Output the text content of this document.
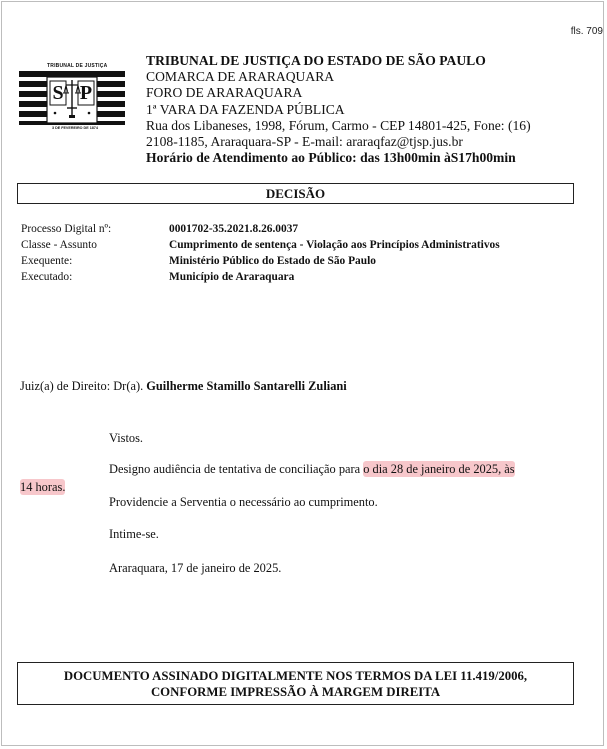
fls. 709
TRIBUNAL DE JUSTIÇA
S P
3 DE FEVEREIRO DE 1874
TRIBUNAL DE JUSTIÇA DO ESTADO DE SÃO PAULO
COMARCA DE ARARAQUARA
FORO DE ARARAQUARA
1ª VARA DA FAZENDA PÚBLICA
Rua dos Libaneses, 1998, Fórum, Carmo - CEP 14801-425, Fone: (16)
2108-1185, Araraquara-SP - E-mail: araraqfaz@tjsp.jus.br
Horário de Atendimento ao Público: das 13h00min àS17h00min
DECISÃO
Processo Digital nº:	0001702-35.2021.8.26.0037
Classe - Assunto	Cumprimento de sentença - Violação aos Princípios Administrativos
Exequente:	Ministério Público do Estado de São Paulo
Executado:	Município de Araraquara
Juiz(a) de Direito: Dr(a). Guilherme Stamillo Santarelli Zuliani
Vistos.
Designo audiência de tentativa de conciliação para o dia 28 de janeiro de 2025, às
14 horas.
Providencie a Serventia o necessário ao cumprimento.
Intime-se.
Araraquara, 17 de janeiro de 2025.
DOCUMENTO ASSINADO DIGITALMENTE NOS TERMOS DA LEI 11.419/2006,
CONFORME IMPRESSÃO À MARGEM DIREITA
